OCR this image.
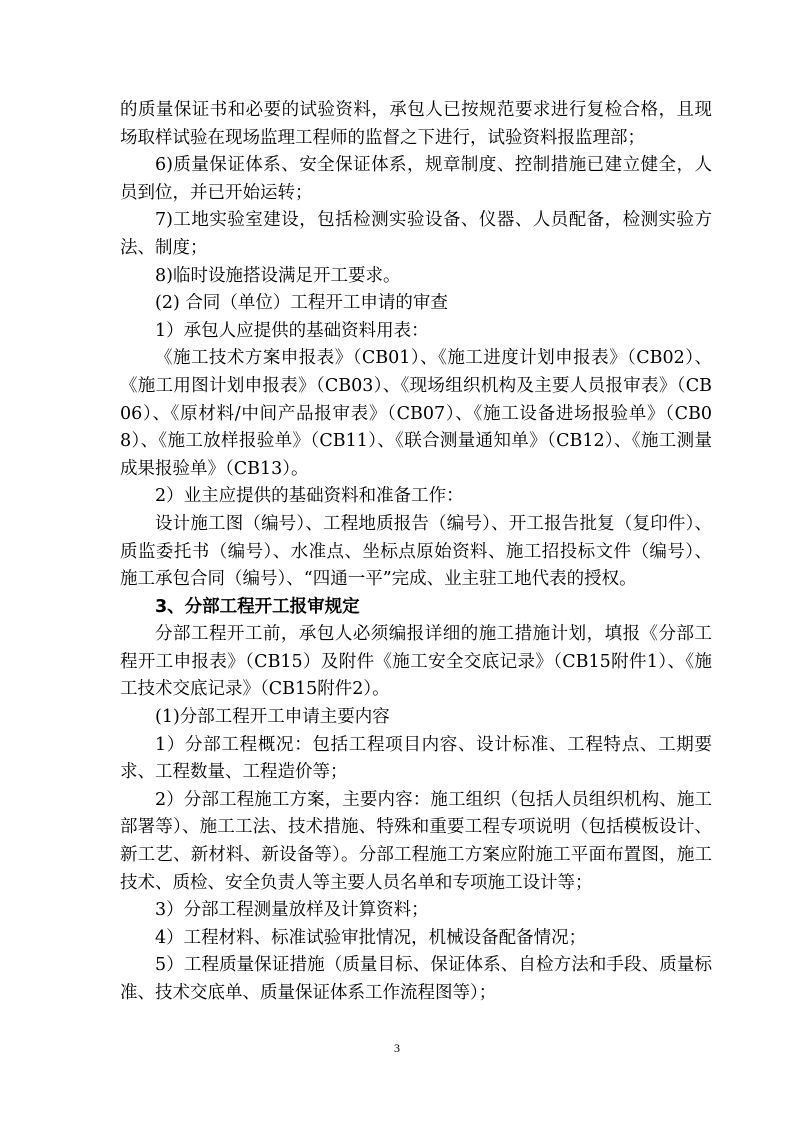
的质量保证书和必要的试验资料，承包人已按规范要求进行复检合格，且现场取样试验在现场监理工程师的监督之下进行，试验资料报监理部；

6)质量保证体系、安全保证体系，规章制度、控制措施已建立健全，人员到位，并已开始运转；

7)工地实验室建设，包括检测实验设备、仪器、人员配备，检测实验方法、制度；

8)临时设施搭设满足开工要求。

(2) 合同（单位）工程开工申请的审查

1）承包人应提供的基础资料用表：

《施工技术方案申报表》（CB01）、《施工进度计划申报表》（CB02）、《施工用图计划申报表》（CB03）、《现场组织机构及主要人员报审表》（CB06）、《原材料/中间产品报审表》（CB07）、《施工设备进场报验单》（CB08）、《施工放样报验单》（CB11）、《联合测量通知单》（CB12）、《施工测量成果报验单》（CB13）。

2）业主应提供的基础资料和准备工作：

设计施工图（编号）、工程地质报告（编号）、开工报告批复（复印件）、质监委托书（编号）、水准点、坐标点原始资料、施工招投标文件（编号）、施工承包合同（编号）、“四通一平”完成、业主驻工地代表的授权。

3、分部工程开工报审规定

分部工程开工前，承包人必须编报详细的施工措施计划，填报《分部工程开工申报表》（CB15）及附件《施工安全交底记录》（CB15附件1）、《施工技术交底记录》（CB15附件2）。

(1)分部工程开工申请主要内容

1）分部工程概况：包括工程项目内容、设计标准、工程特点、工期要求、工程数量、工程造价等；

2）分部工程施工方案，主要内容：施工组织（包括人员组织机构、施工部署等）、施工工法、技术措施、特殊和重要工程专项说明（包括模板设计、新工艺、新材料、新设备等）。分部工程施工方案应附施工平面布置图，施工技术、质检、安全负责人等主要人员名单和专项施工设计等；

3）分部工程测量放样及计算资料；

4）工程材料、标准试验审批情况，机械设备配备情况；

5）工程质量保证措施（质量目标、保证体系、自检方法和手段、质量标准、技术交底单、质量保证体系工作流程图等）；

3
